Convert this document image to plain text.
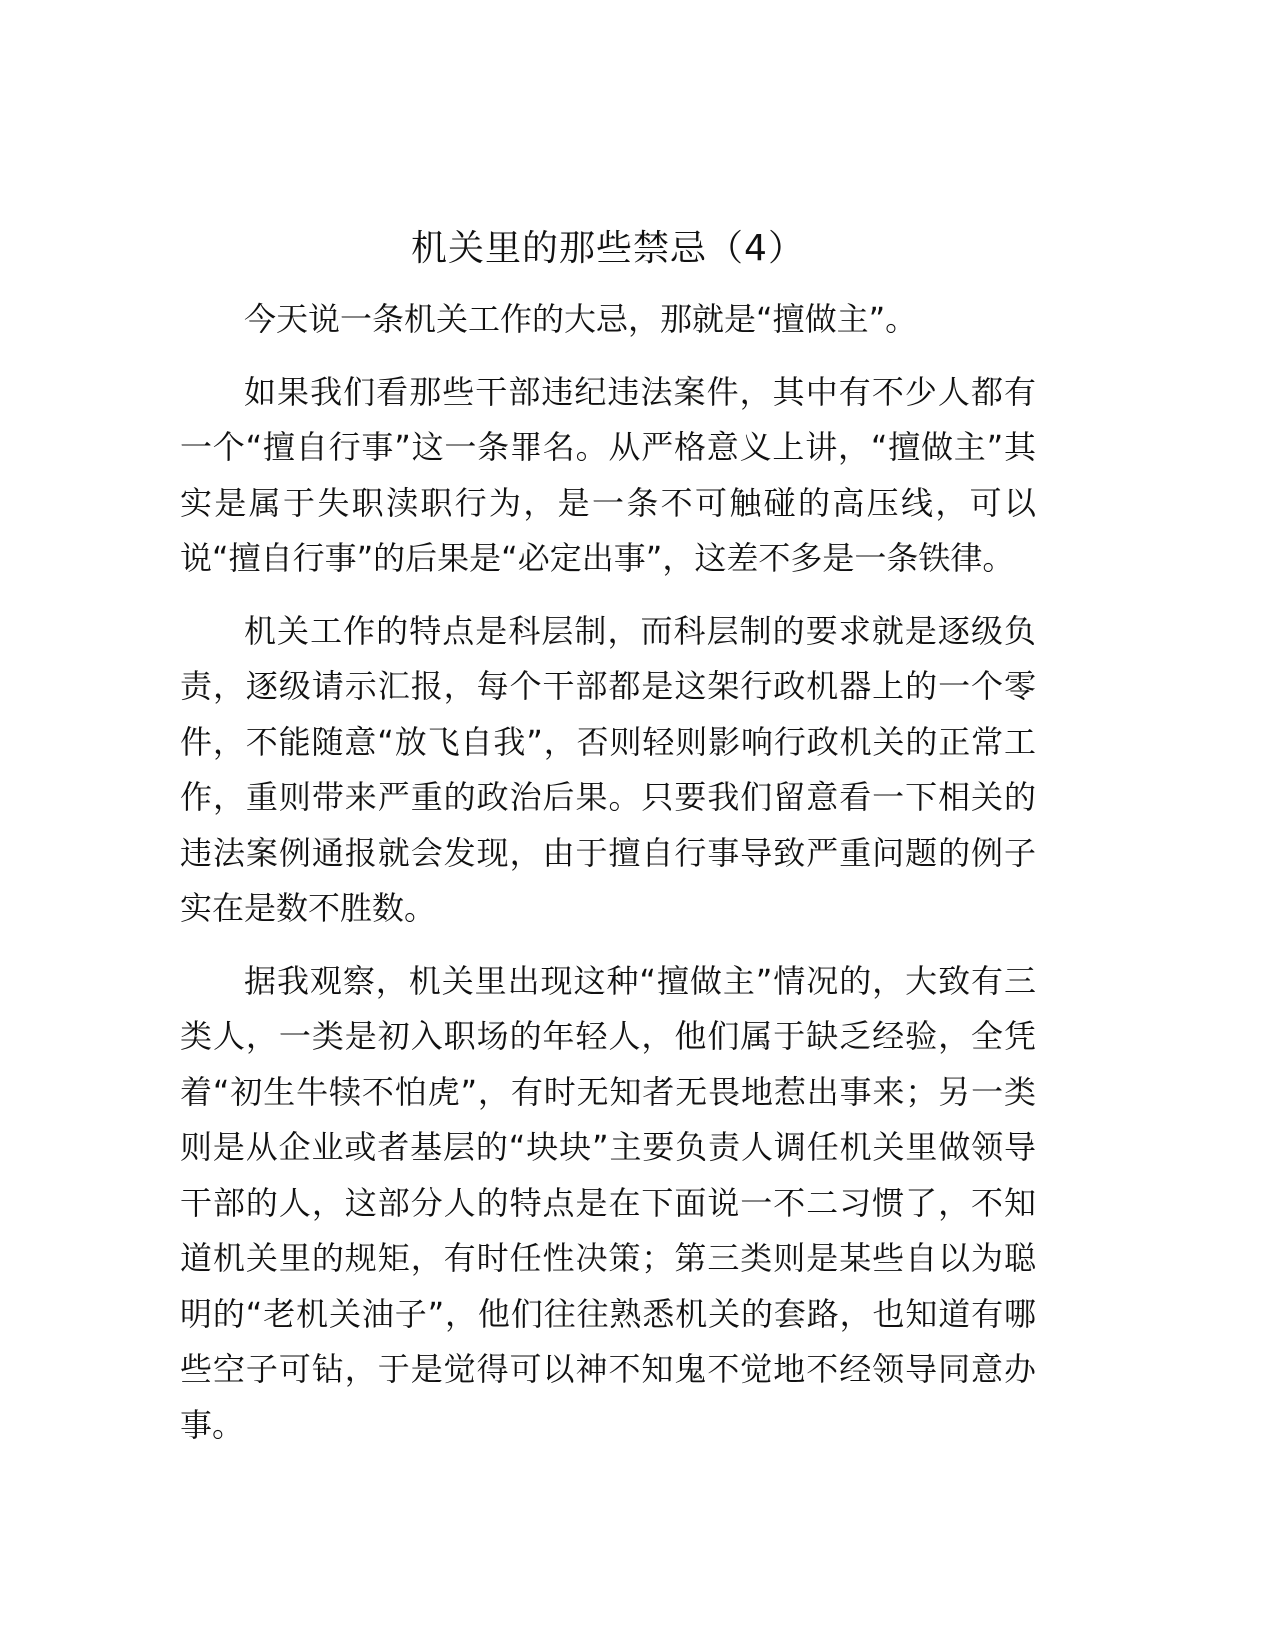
机关里的那些禁忌（4）

今天说一条机关工作的大忌，那就是“擅做主”。

如果我们看那些干部违纪违法案件，其中有不少人都有一个“擅自行事”这一条罪名。从严格意义上讲，“擅做主”其实是属于失职渎职行为，是一条不可触碰的高压线，可以说“擅自行事”的后果是“必定出事”，这差不多是一条铁律。

机关工作的特点是科层制，而科层制的要求就是逐级负责，逐级请示汇报，每个干部都是这架行政机器上的一个零件，不能随意“放飞自我”，否则轻则影响行政机关的正常工作，重则带来严重的政治后果。只要我们留意看一下相关的违法案例通报就会发现，由于擅自行事导致严重问题的例子实在是数不胜数。

据我观察，机关里出现这种“擅做主”情况的，大致有三类人，一类是初入职场的年轻人，他们属于缺乏经验，全凭着“初生牛犊不怕虎”，有时无知者无畏地惹出事来；另一类则是从企业或者基层的“块块”主要负责人调任机关里做领导干部的人，这部分人的特点是在下面说一不二习惯了，不知道机关里的规矩，有时任性决策；第三类则是某些自以为聪明的“老机关油子”，他们往往熟悉机关的套路，也知道有哪些空子可钻，于是觉得可以神不知鬼不觉地不经领导同意办事。
